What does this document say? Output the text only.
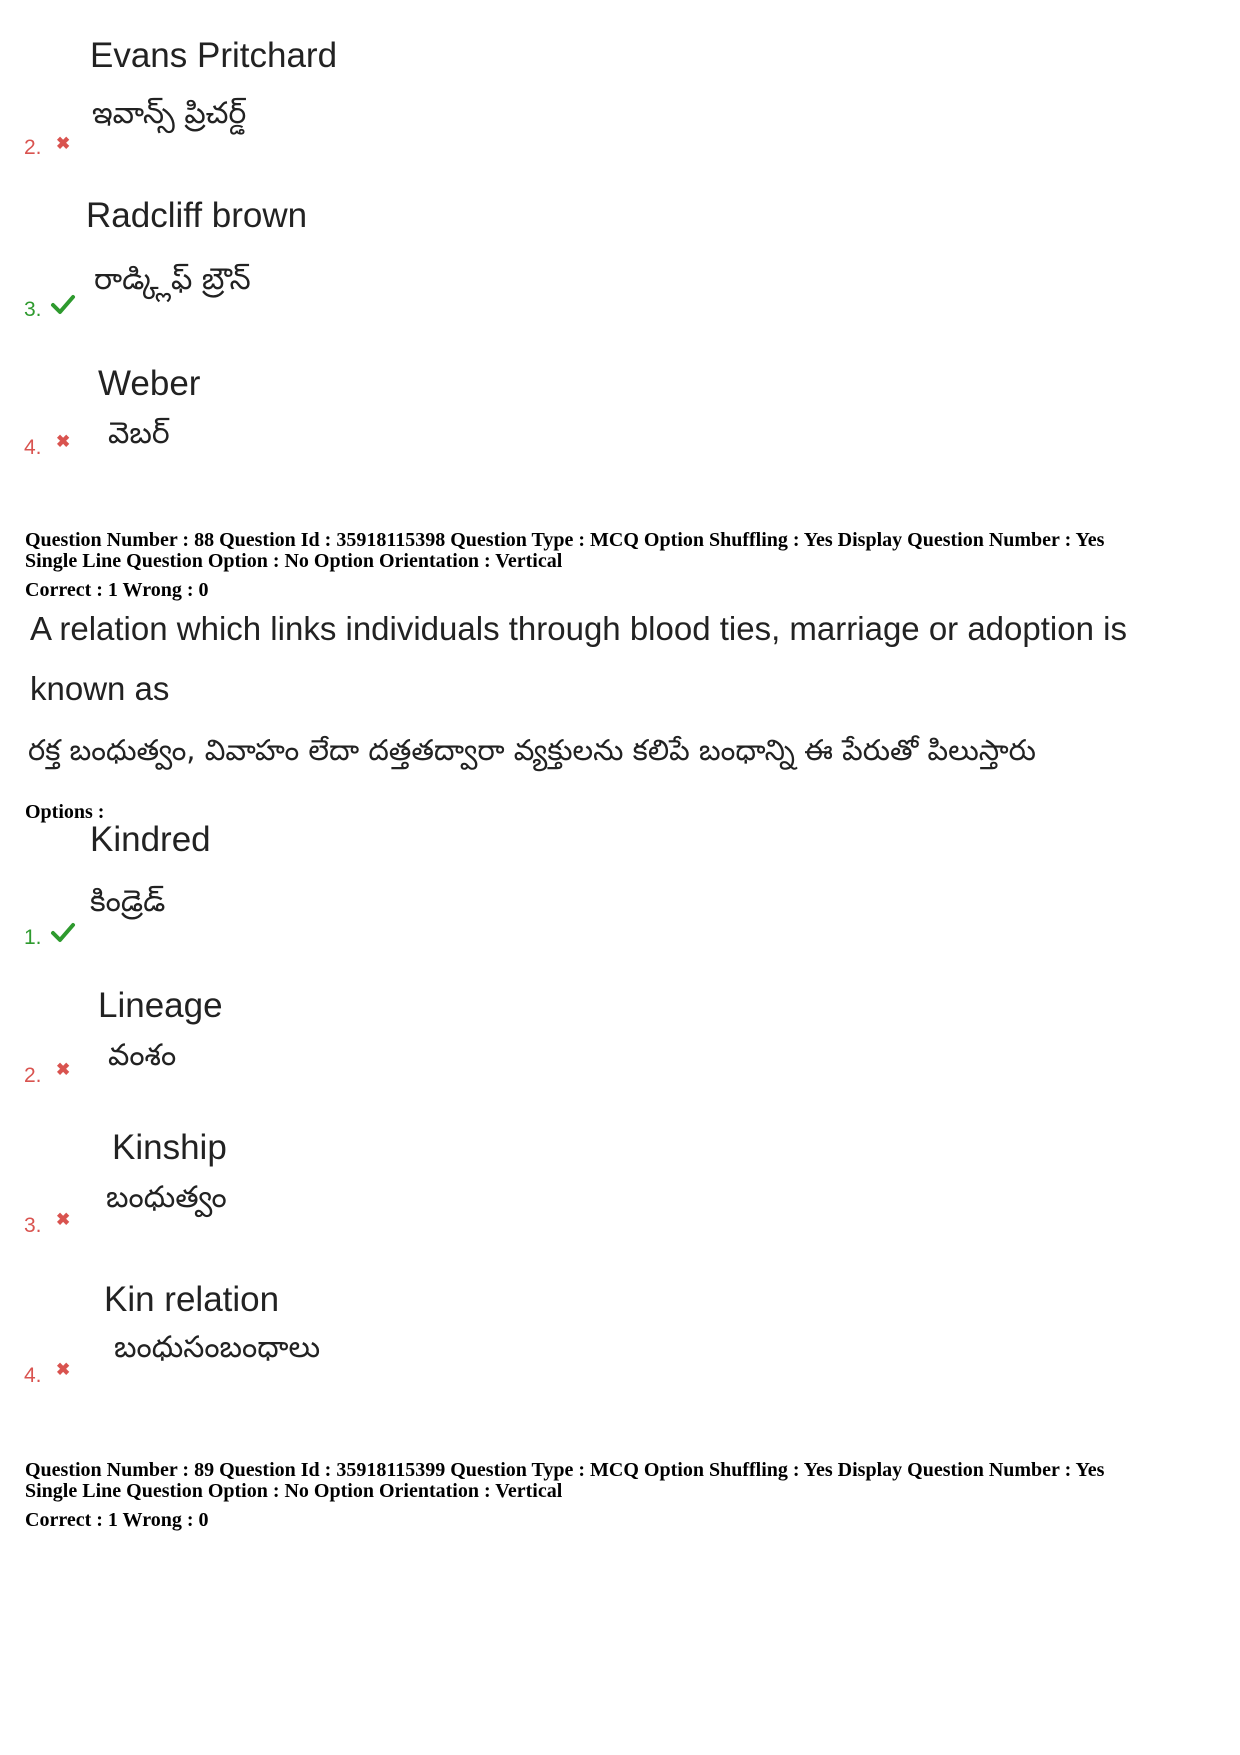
Evans Pritchard
ఇవాన్స్ ప్రిచర్డ్
2. ✖
Radcliff brown
రాడ్క్లిఫ్ బ్రౌన్
3.
Weber
వెబర్
4. ✖
Question Number : 88 Question Id : 35918115398 Question Type : MCQ Option Shuffling : Yes Display Question Number : Yes
Single Line Question Option : No Option Orientation : Vertical
Correct : 1 Wrong : 0
A relation which links individuals through blood ties, marriage or adoption is
known as
రక్త బంధుత్వం, వివాహం లేదా దత్తతద్వారా వ్యక్తులను కలిపే బంధాన్ని ఈ పేరుతో పిలుస్తారు
Options :
Kindred
కిండ్రెడ్
1.
Lineage
వంశం
2. ✖
Kinship
బంధుత్వం
3. ✖
Kin relation
బంధుసంబంధాలు
4. ✖
Question Number : 89 Question Id : 35918115399 Question Type : MCQ Option Shuffling : Yes Display Question Number : Yes
Single Line Question Option : No Option Orientation : Vertical
Correct : 1 Wrong : 0
